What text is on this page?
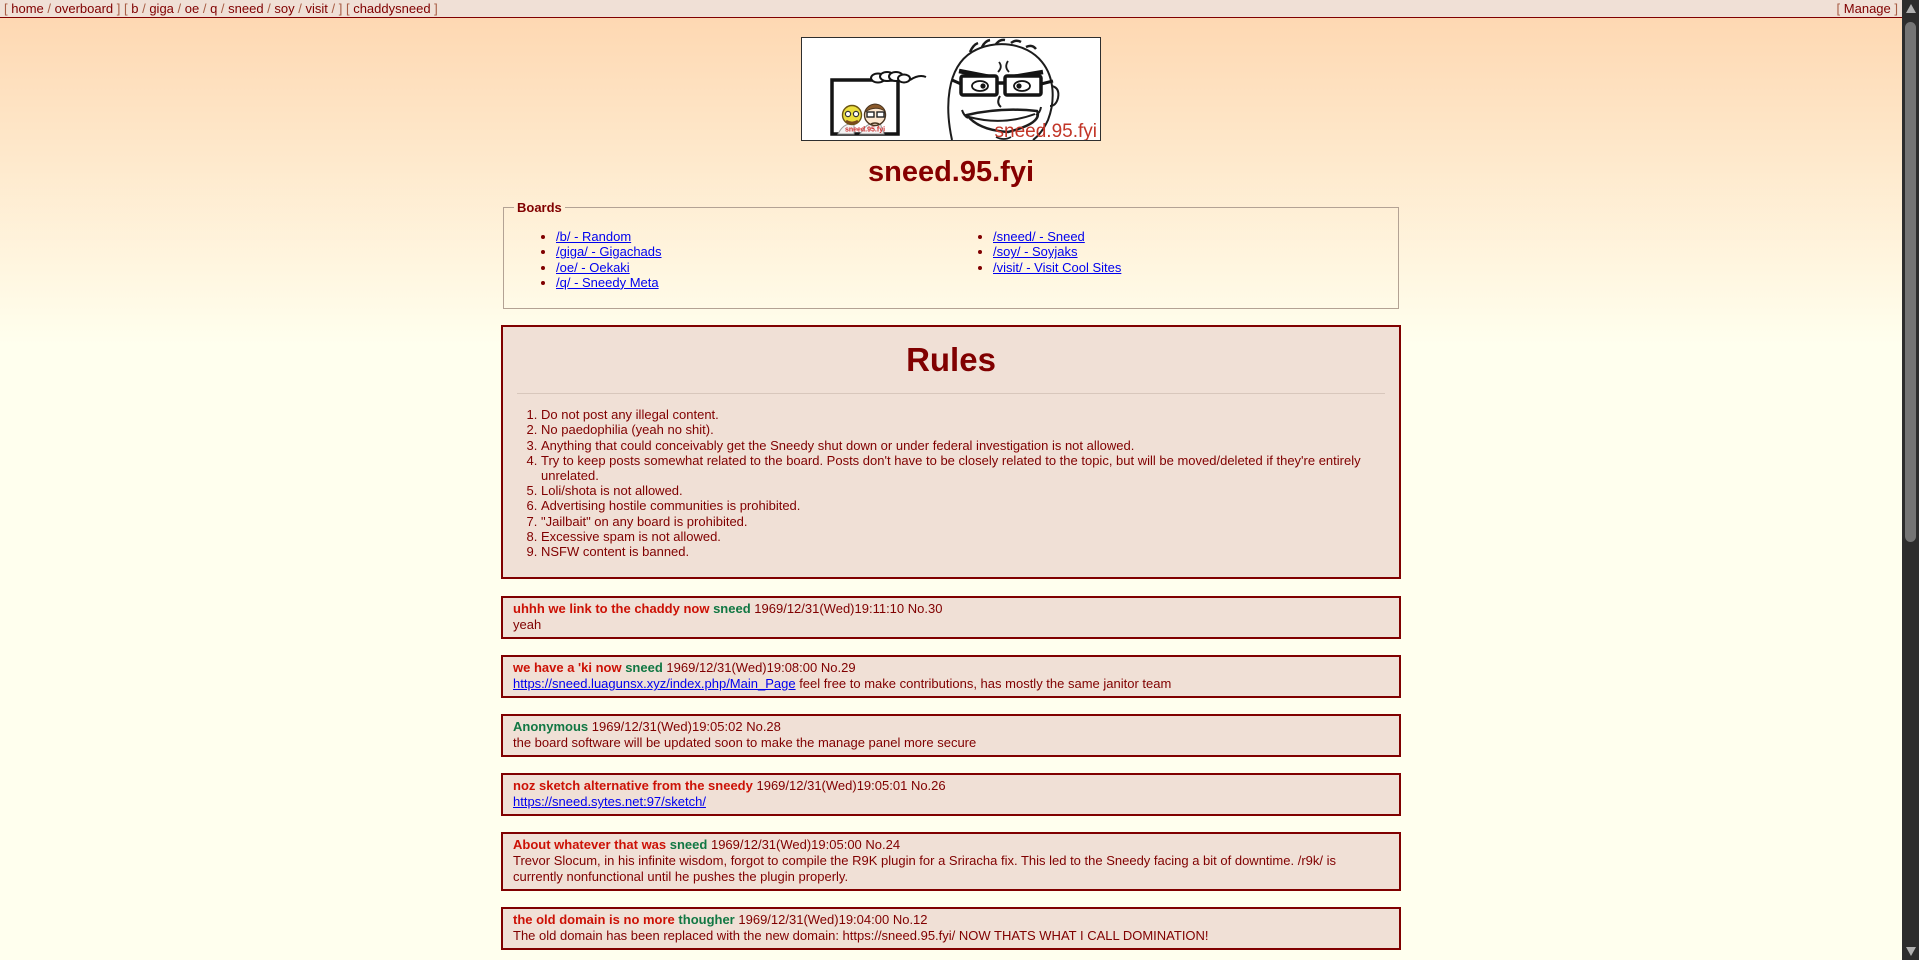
[ home / overboard ] [ b / giga / oe / q / sneed / soy / visit / ] [ chaddysneed ]	[ Manage ]
sneed.95.fyi	sneed.95.fyi
sneed.95.fyi
Boards
• /b/ - Random
• /giga/ - Gigachads
• /oe/ - Oekaki
• /q/ - Sneedy Meta
• /sneed/ - Sneed
• /soy/ - Soyjaks
• /visit/ - Visit Cool Sites
Rules
1. Do not post any illegal content.
2. No paedophilia (yeah no shit).
3. Anything that could conceivably get the Sneedy shut down or under federal investigation is not allowed.
4. Try to keep posts somewhat related to the board. Posts don't have to be closely related to the topic, but will be moved/deleted if they're entirely unrelated.
5. Loli/shota is not allowed.
6. Advertising hostile communities is prohibited.
7. "Jailbait" on any board is prohibited.
8. Excessive spam is not allowed.
9. NSFW content is banned.
uhhh we link to the chaddy now sneed 1969/12/31(Wed)19:11:10 No.30
yeah
we have a 'ki now sneed 1969/12/31(Wed)19:08:00 No.29
https://sneed.luagunsx.xyz/index.php/Main_Page feel free to make contributions, has mostly the same janitor team
Anonymous 1969/12/31(Wed)19:05:02 No.28
the board software will be updated soon to make the manage panel more secure
noz sketch alternative from the sneedy 1969/12/31(Wed)19:05:01 No.26
https://sneed.sytes.net:97/sketch/
About whatever that was sneed 1969/12/31(Wed)19:05:00 No.24
Trevor Slocum, in his infinite wisdom, forgot to compile the R9K plugin for a Sriracha fix. This led to the Sneedy facing a bit of downtime. /r9k/ is currently nonfunctional until he pushes the plugin properly.
the old domain is no more thougher 1969/12/31(Wed)19:04:00 No.12
The old domain has been replaced with the new domain: https://sneed.95.fyi/ NOW THATS WHAT I CALL DOMINATION!
